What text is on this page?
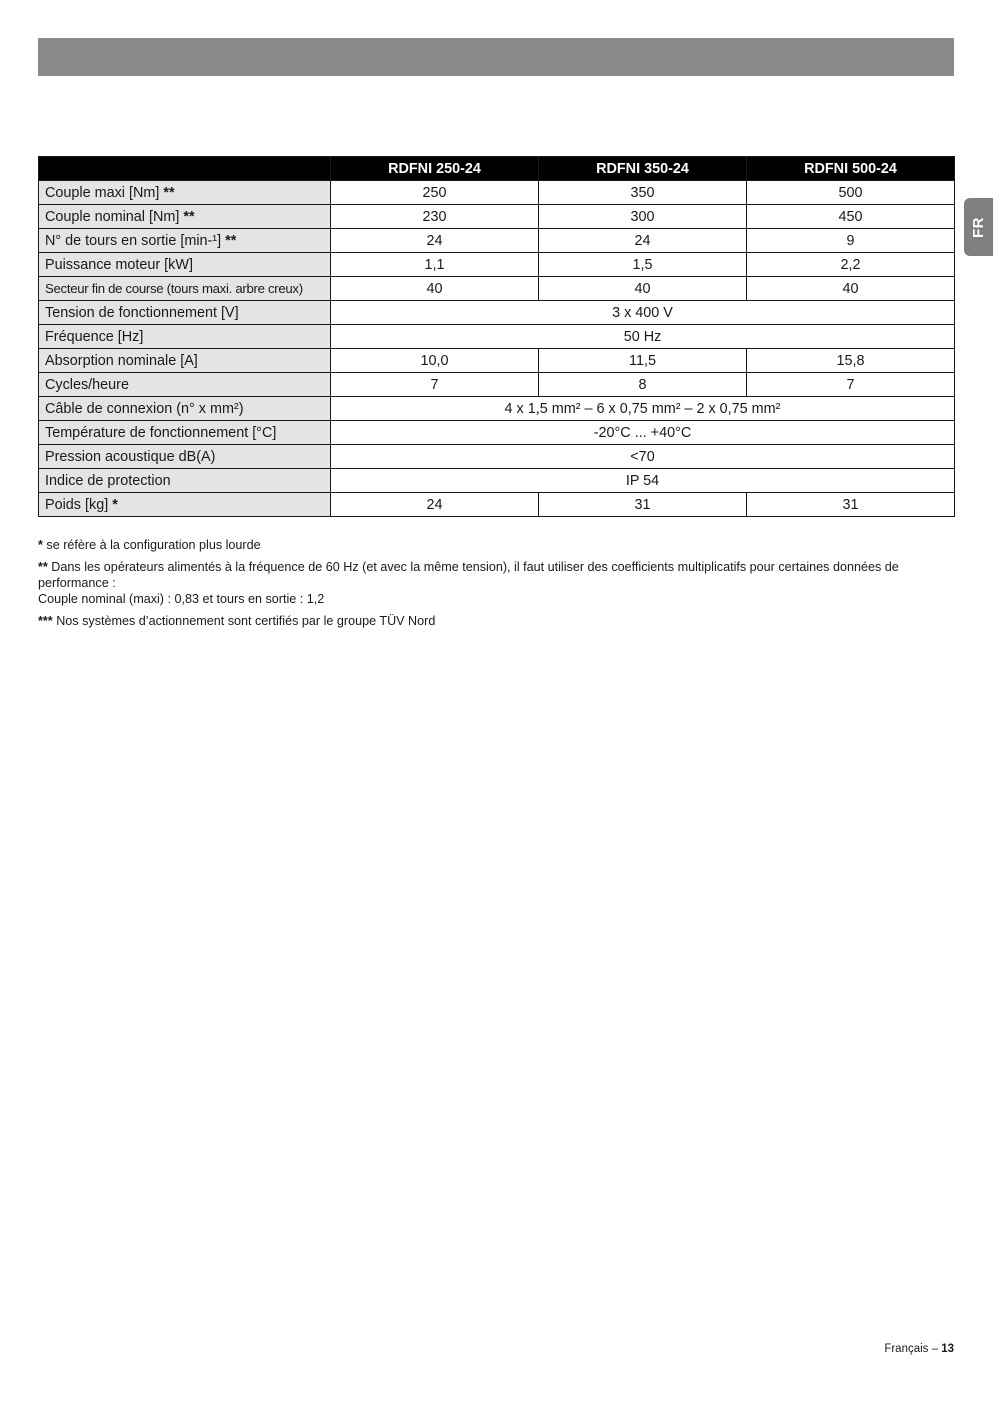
FR
	RDFNI 250-24	RDFNI 350-24	RDFNI 500-24
Couple maxi [Nm] **	250	350	500
Couple nominal [Nm] **	230	300	450
N° de tours en sortie [min-¹] **	24	24	9
Puissance moteur [kW]	1,1	1,5	2,2
Secteur fin de course (tours maxi. arbre creux)	40	40	40
Tension de fonctionnement [V]	3 x 400 V		
Fréquence [Hz]	50 Hz		
Absorption nominale [A]	10,0	11,5	15,8
Cycles/heure	7	8	7
Câble de connexion (n° x mm²)	4 x 1,5 mm² – 6 x 0,75 mm² – 2 x 0,75 mm²		
Température de fonctionnement [°C]	-20°C ... +40°C		
Pression acoustique dB(A)	<70		
Indice de protection	IP 54		
Poids [kg] *	24	31	31

* se réfère à la configuration plus lourde

** Dans les opérateurs alimentés à la fréquence de 60 Hz (et avec la même tension), il faut utiliser des coefficients multiplicatifs pour certaines données de performance :

Couple nominal (maxi) : 0,83 et tours en sortie : 1,2

*** Nos systèmes d’actionnement sont certifiés par le groupe TÜV Nord

Français – 13
